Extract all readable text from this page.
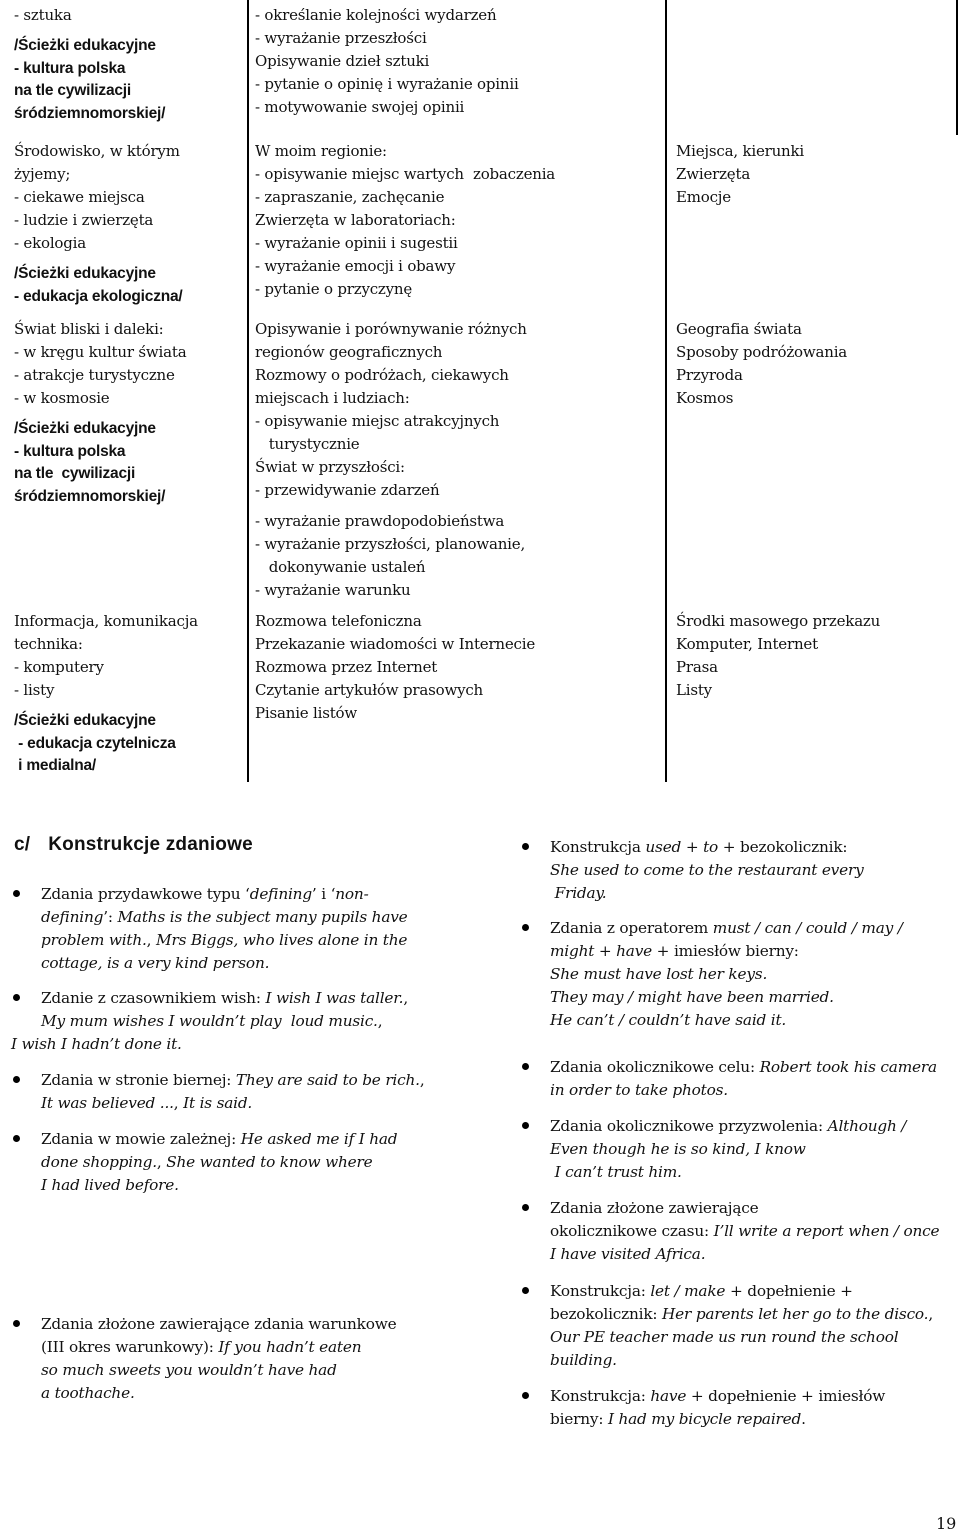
- sztuka
/Ścieżki edukacyjne
- kultura polska
na tle cywilizacji
śródziemnomorskiej/
- określanie kolejności wydarzeń
- wyrażanie przeszłości
Opisywanie dzieł sztuki
- pytanie o opinię i wyrażanie opinii
- motywowanie swojej opinii
Środowisko, w którym
żyjemy;
- ciekawe miejsca
- ludzie i zwierzęta
- ekologia
/Ścieżki edukacyjne
- edukacja ekologiczna/
W moim regionie:
- opisywanie miejsc wartych  zobaczenia
- zapraszanie, zachęcanie
Zwierzęta w laboratoriach:
- wyrażanie opinii i sugestii
- wyrażanie emocji i obawy
- pytanie o przyczynę
Miejsca, kierunki
Zwierzęta
Emocje
Świat bliski i daleki:
- w kręgu kultur świata
- atrakcje turystyczne
- w kosmosie
/Ścieżki edukacyjne
- kultura polska
na tle  cywilizacji
śródziemnomorskiej/
Opisywanie i porównywanie różnych
regionów geograficznych
Rozmowy o podróżach, ciekawych
miejscach i ludziach:
- opisywanie miejsc atrakcyjnych
turystycznie
Świat w przyszłości:
- przewidywanie zdarzeń
- wyrażanie prawdopodobieństwa
- wyrażanie przyszłości, planowanie,
dokonywanie ustaleń
- wyrażanie warunku
Geografia świata
Sposoby podróżowania
Przyroda
Kosmos
Informacja, komunikacja
technika:
- komputery
- listy
/Ścieżki edukacyjne
- edukacja czytelnicza
i medialna/
Rozmowa telefoniczna
Przekazanie wiadomości w Internecie
Rozmowa przez Internet
Czytanie artykułów prasowych
Pisanie listów
Środki masowego przekazu
Komputer, Internet
Prasa
Listy
c/ Konstrukcje zdaniowe
Zdania przydawkowe typu ‘defining’ i ‘non-
defining’: Maths is the subject many pupils have
problem with., Mrs Biggs, who lives alone in the
cottage, is a very kind person.
Zdanie z czasownikiem wish: I wish I was taller.,
My mum wishes I wouldn’t play  loud music.,
I wish I hadn’t done it.
Zdania w stronie biernej: They are said to be rich.,
It was believed ..., It is said.
Zdania w mowie zależnej: He asked me if I had
done shopping., She wanted to know where
I had lived before.
Zdania złożone zawierające zdania warunkowe
(III okres warunkowy): If you hadn’t eaten
so much sweets you wouldn’t have had
a toothache.
Konstrukcja used + to + bezokolicznik:
She used to come to the restaurant every
Friday.
Zdania z operatorem must / can / could / may /
might + have + imiesłów bierny:
She must have lost her keys.
They may / might have been married.
He can’t / couldn’t have said it.
Zdania okolicznikowe celu: Robert took his camera
in order to take photos.
Zdania okolicznikowe przyzwolenia: Although /
Even though he is so kind, I know
I can’t trust him.
Zdania złożone zawierające
okolicznikowe czasu: I’ll write a report when / once
I have visited Africa.
Konstrukcja: let / make + dopełnienie +
bezokolicznik: Her parents let her go to the disco.,
Our PE teacher made us run round the school
building.
Konstrukcja: have + dopełnienie + imiesłów
bierny: I had my bicycle repaired.
19
